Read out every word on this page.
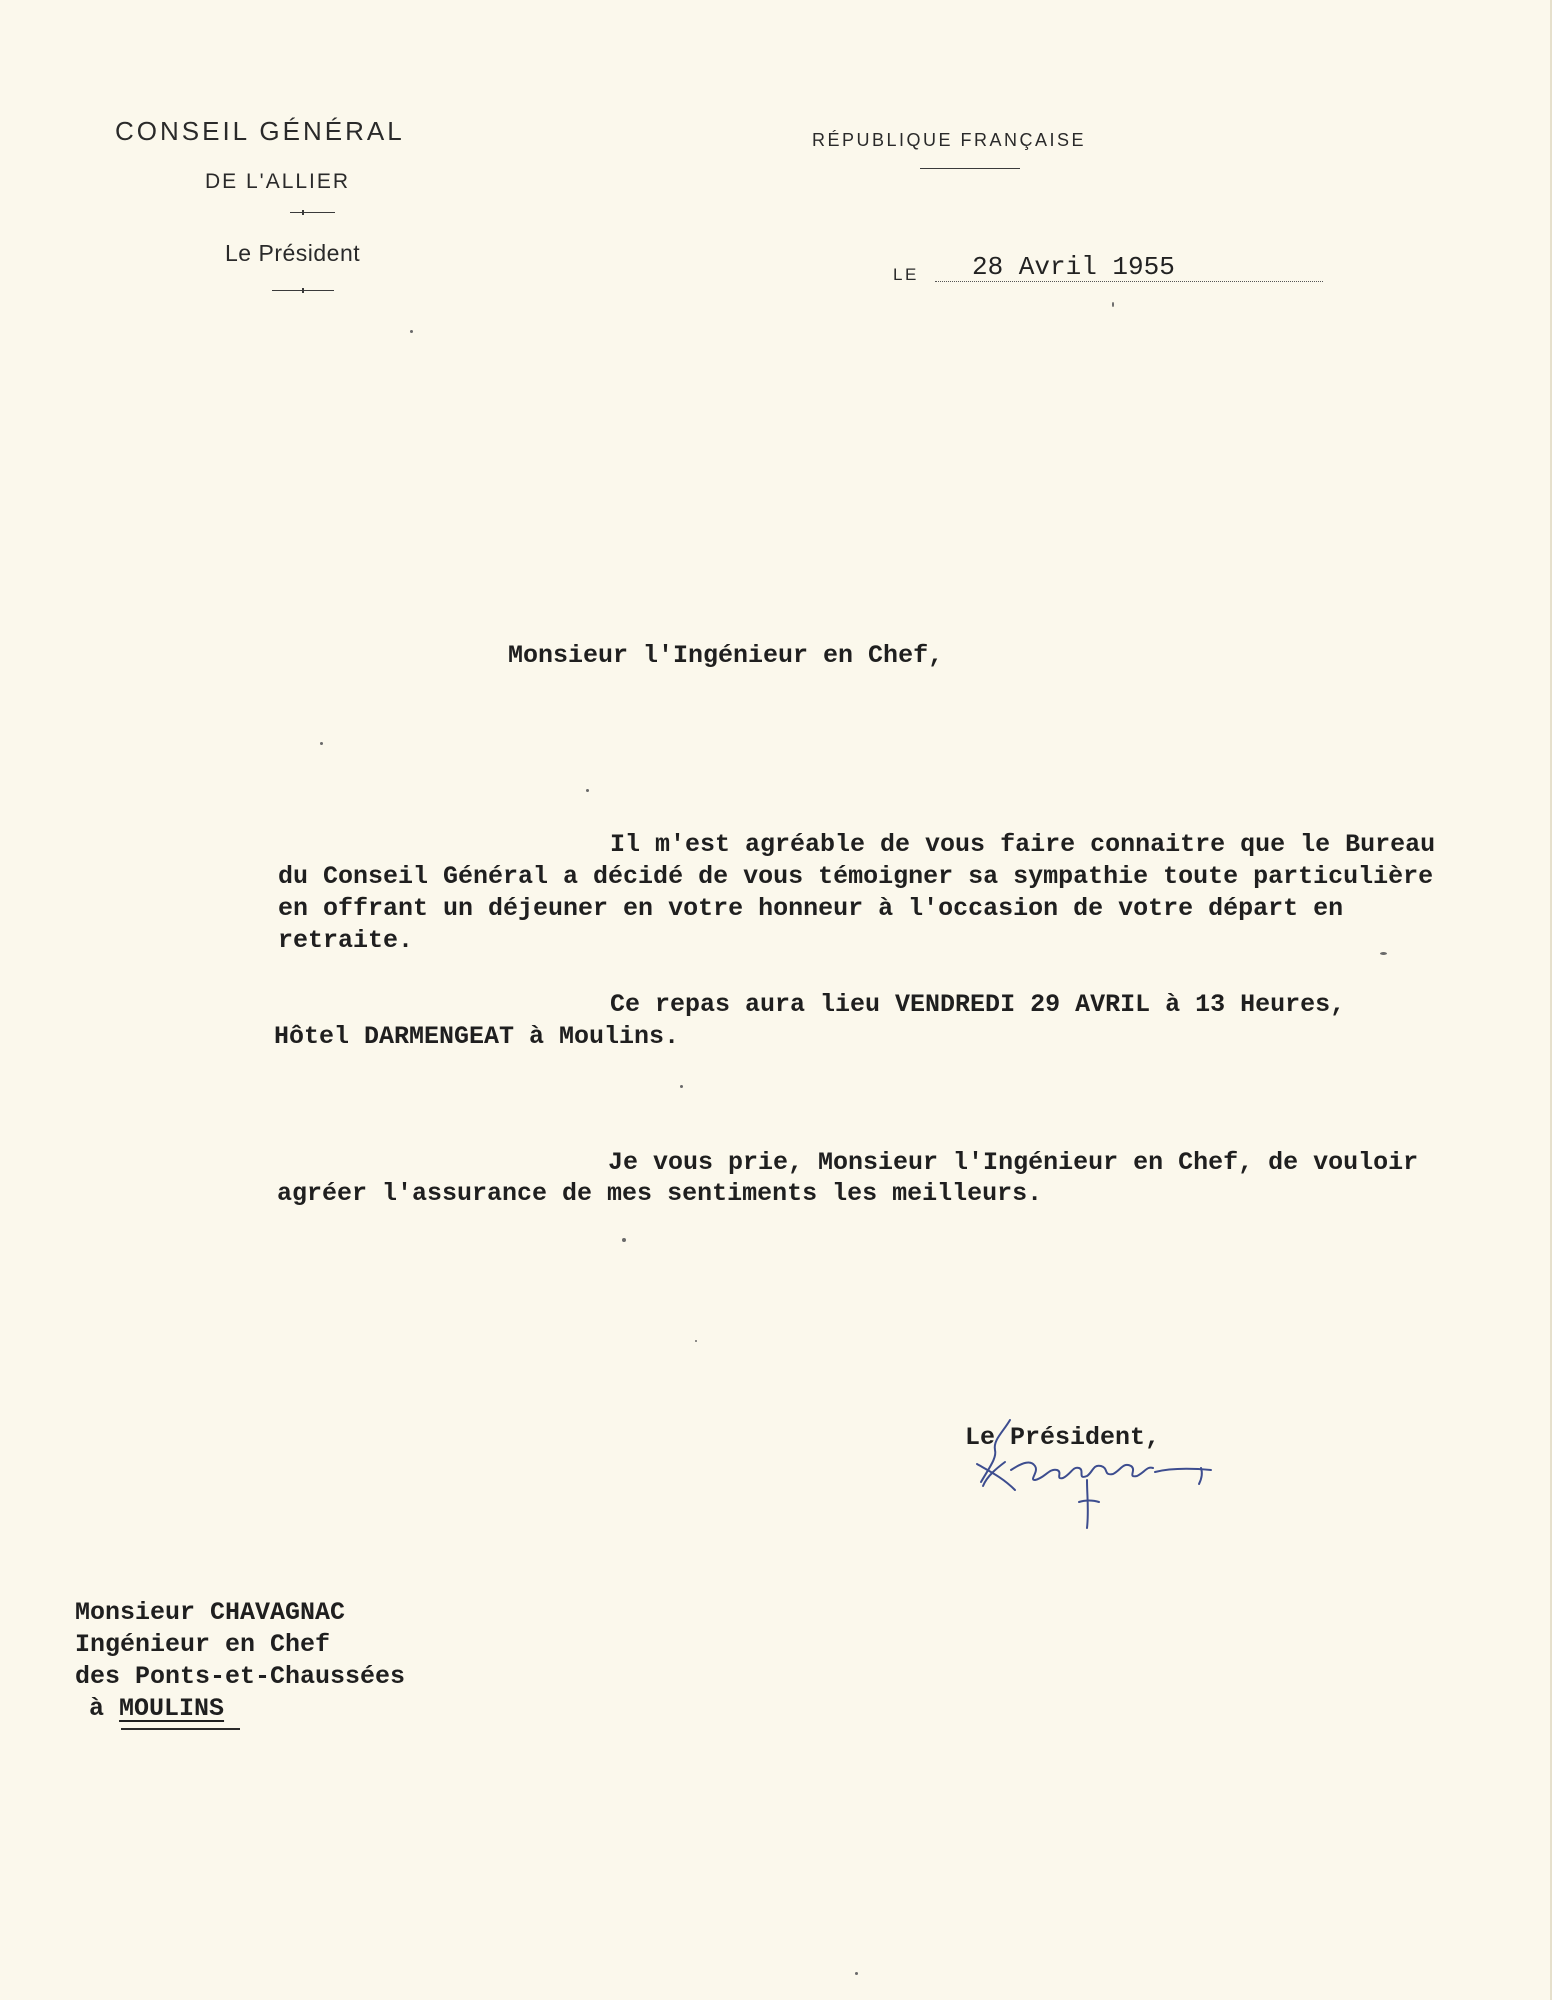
CONSEIL GÉNÉRAL
DE L'ALLIER
Le Président
RÉPUBLIQUE FRANÇAISE
LE 28 Avril 1955
Monsieur l'Ingénieur en Chef,
Il m'est agréable de vous faire connaitre que le Bureau
du Conseil Général a décidé de vous témoigner sa sympathie toute particulière
en offrant un déjeuner en votre honneur à l'occasion de votre départ en
retraite.
Ce repas aura lieu VENDREDI 29 AVRIL à 13 Heures,
Hôtel DARMENGEAT à Moulins.
Je vous prie, Monsieur l'Ingénieur en Chef, de vouloir
agréer l'assurance de mes sentiments les meilleurs.
Le Président,
Monsieur CHAVAGNAC
Ingénieur en Chef
des Ponts-et-Chaussées
à MOULINS
